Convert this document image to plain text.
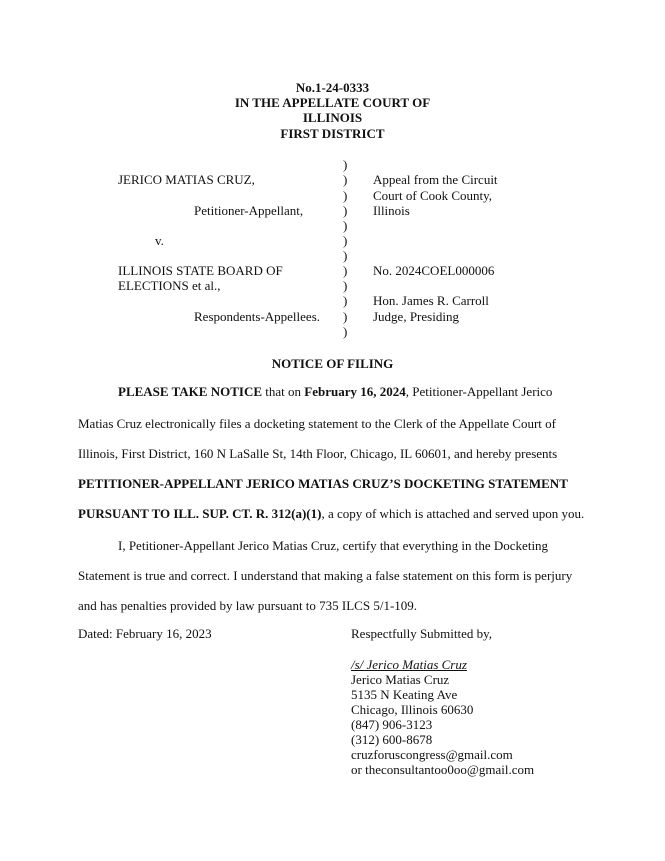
No.1-24-0333
IN THE APPELLATE COURT OF
ILLINOIS
FIRST DISTRICT
)
)
)
)
)
)
)
)
)
)
)
)
JERICO MATIAS CRUZ,
Petitioner-Appellant,
v.
ILLINOIS STATE BOARD OF
ELECTIONS et al.,
Respondents-Appellees.
Appeal from the Circuit
Court of Cook County,
Illinois
No. 2024COEL000006
Hon. James R. Carroll
Judge, Presiding
NOTICE OF FILING
PLEASE TAKE NOTICE that on February 16, 2024, Petitioner-Appellant Jerico
Matias Cruz electronically files a docketing statement to the Clerk of the Appellate Court of
Illinois, First District, 160 N LaSalle St, 14th Floor, Chicago, IL 60601, and hereby presents
PETITIONER-APPELLANT JERICO MATIAS CRUZ’S DOCKETING STATEMENT
PURSUANT TO ILL. SUP. CT. R. 312(a)(1), a copy of which is attached and served upon you.
I, Petitioner-Appellant Jerico Matias Cruz, certify that everything in the Docketing
Statement is true and correct. I understand that making a false statement on this form is perjury
and has penalties provided by law pursuant to 735 ILCS 5/1-109.
Dated: February 16, 2023	Respectfully Submitted by,
/s/ Jerico Matias Cruz
Jerico Matias Cruz
5135 N Keating Ave
Chicago, Illinois 60630
(847) 906-3123
(312) 600-8678
cruzforuscongress@gmail.com
or theconsultantoo0oo@gmail.com
